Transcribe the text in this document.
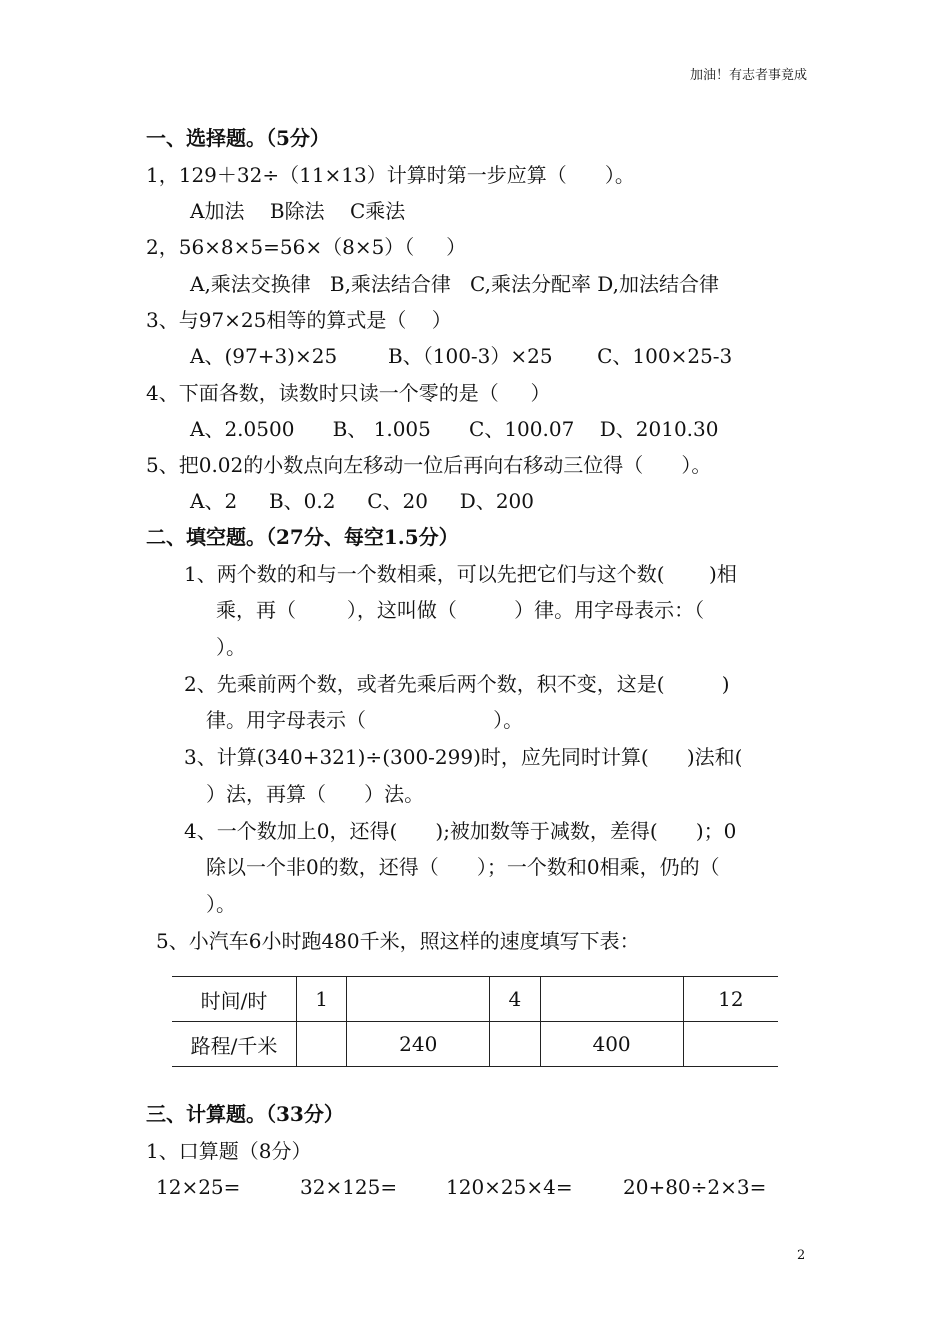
加油！有志者事竟成
一、选择题。（5分）
1，129＋32÷（11×13）计算时第一步应算（      ）。
A加法    B除法    C乘法
2，56×8×5=56×（8×5）（     ）
A,乘法交换律   B,乘法结合律   C,乘法分配率 D,加法结合律
3、与97×25相等的算式是（    ）
A、(97+3)×25        B、（100-3）×25       C、100×25-3
4、下面各数，读数时只读一个零的是（     ）
A、2.0500      B、 1.005      C、100.07    D、2010.30
5、把0.02的小数点向左移动一位后再向右移动三位得（      ）。
A、2     B、0.2     C、20     D、200
二、填空题。（27分、每空1.5分）
1、两个数的和与一个数相乘，可以先把它们与这个数(       )相
乘，再（        ），这叫做（         ）律。用字母表示：（
）。
2、先乘前两个数，或者先乘后两个数，积不变，这是(         )
律。用字母表示（                    ）。
3、计算(340+321)÷(300-299)时，应先同时计算(      )法和(
）法，再算（      ）法。
4、一个数加上0，还得(      );被加数等于减数，差得(      )；0
除以一个非0的数，还得（      ）；一个数和0相乘，仍的（
）。
5、小汽车6小时跑480千米，照这样的速度填写下表：
时间/时	1		4		12
路程/千米		240		400	
三、计算题。（33分）
1、口算题（8分）
12×25=	32×125= 120×25×4=	20+80÷2×3=
2
